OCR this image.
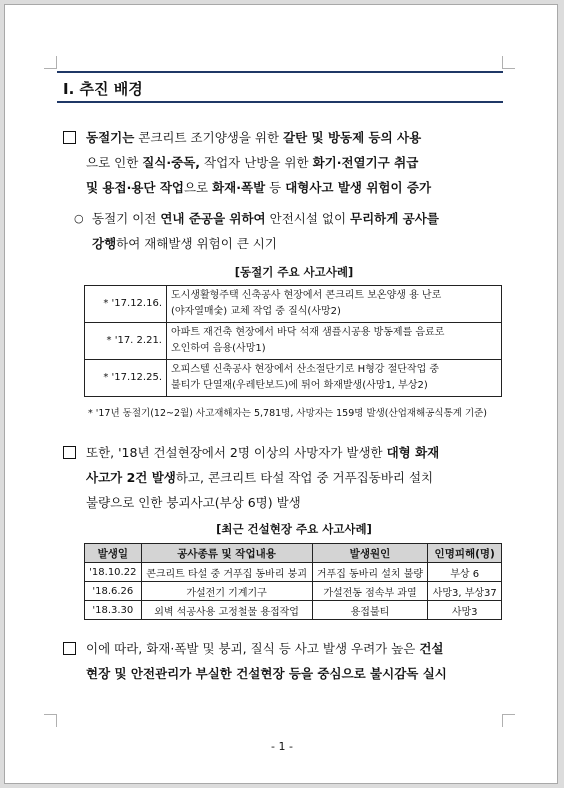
Ⅰ. 추진 배경
동절기는 콘크리트 조기양생을 위한 갈탄 및 방동제 등의 사용
으로 인한 질식·중독, 작업자 난방을 위한 화기·전열기구 취급
및 용접·용단 작업으로 화재·폭발 등 대형사고 발생 위험이 증가
○ 동절기 이전 연내 준공을 위하여 안전시설 없이 무리하게 공사를
강행하여 재해발생 위험이 큰 시기
[동절기 주요 사고사례]
* '17.12.16.	도시생활형주택 신축공사 현장에서 콘크리트 보온양생 용 난로
(야자열매숯) 교체 작업 중 질식(사망2)

* '17. 2.21.	아파트 재건축 현장에서 바닥 석재 샘플시공용 방동제를 음료로
오인하여 음용(사망1)

* '17.12.25.	오피스텔 신축공사 현장에서 산소절단기로 H형강 절단작업 중
불티가 단열재(우레탄보드)에 튀어 화재발생(사망1, 부상2)
* '17년 동절기(12~2월) 사고재해자는 5,781명, 사망자는 159명 발생(산업재해공식통계 기준)
또한, '18년 건설현장에서 2명 이상의 사망자가 발생한 대형 화재
사고가 2건 발생하고, 콘크리트 타설 작업 중 거푸집동바리 설치
불량으로 인한 붕괴사고(부상 6명) 발생
[최근 건설현장 주요 사고사례]
발생일	공사종류 및 작업내용	발생원인	인명피해(명)
'18.10.22	콘크리트 타설 중 거푸집 동바리 붕괴	거푸집 동바리 설치 불량	부상 6
'18.6.26	가설전기 기계기구	가설전동 점속부 과열	사망3, 부상37
'18.3.30	외벽 석공사용 고정철물 용접작업	용접불티	사망3
이에 따라, 화재·폭발 및 붕괴, 질식 등 사고 발생 우려가 높은 건설
현장 및 안전관리가 부실한 건설현장 등을 중심으로 불시감독 실시
- 1 -
